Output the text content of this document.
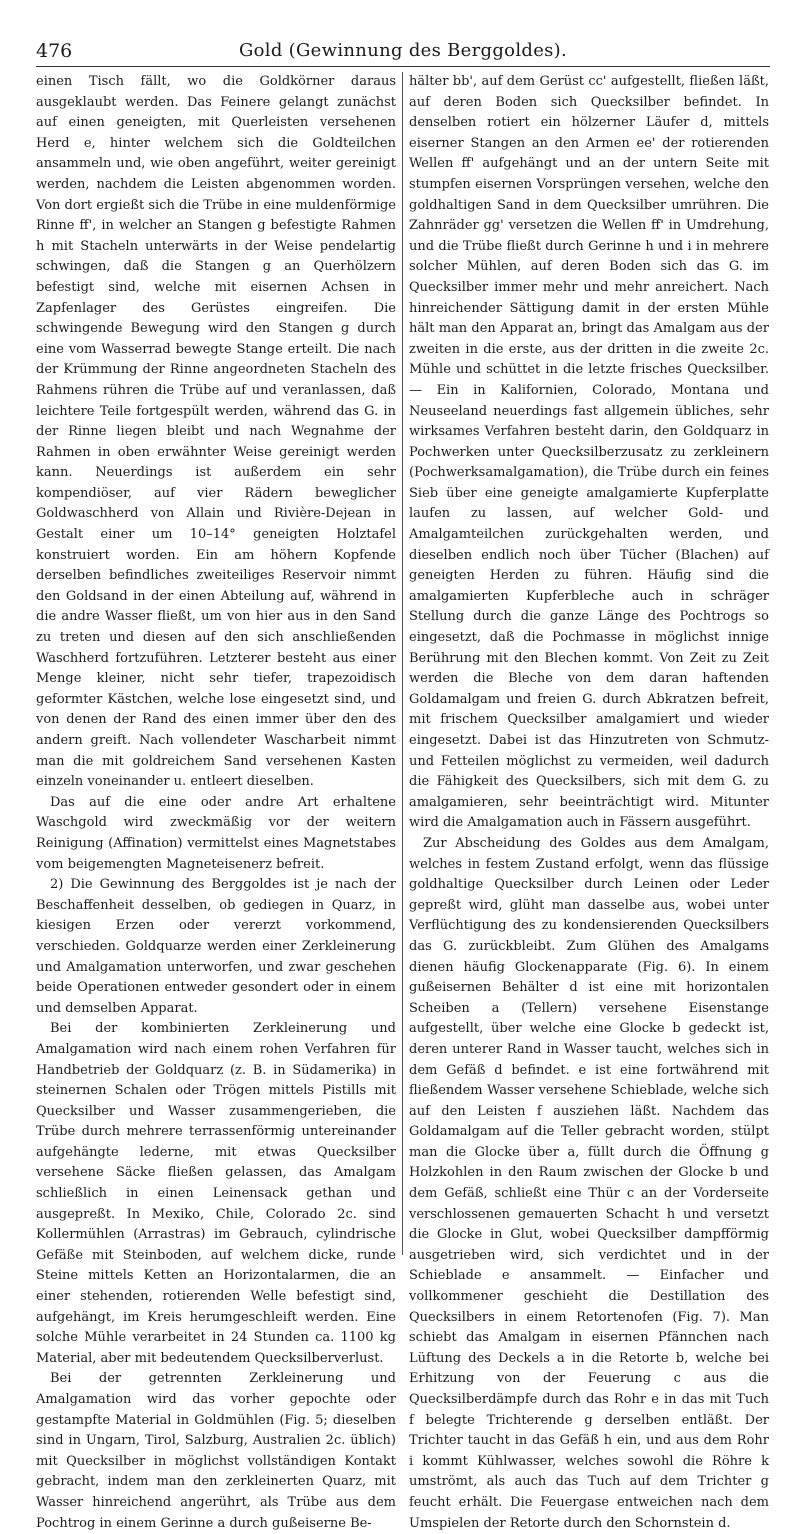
476	Gold (Gewinnung des Berggoldes).

einen Tisch fällt, wo die Goldkörner daraus ausgeklaubt werden. Das Feinere gelangt zunächst auf einen geneigten, mit Querleisten versehenen Herd e, hinter welchem sich die Goldteilchen ansammeln und, wie oben angeführt, weiter gereinigt werden, nachdem die Leisten abgenommen worden. Von dort ergießt sich die Trübe in eine muldenförmige Rinne ff', in welcher an Stangen g befestigte Rahmen h mit Stacheln unterwärts in der Weise pendelartig schwingen, daß die Stangen g an Querhölzern befestigt sind, welche mit eisernen Achsen in Zapfenlager des Gerüstes eingreifen. Die schwingende Bewegung wird den Stangen g durch eine vom Wasserrad bewegte Stange erteilt. Die nach der Krümmung der Rinne angeordneten Stacheln des Rahmens rühren die Trübe auf und veranlassen, daß leichtere Teile fortgespült werden, während das G. in der Rinne liegen bleibt und nach Wegnahme der Rahmen in oben erwähnter Weise gereinigt werden kann. Neuerdings ist außerdem ein sehr kompendiöser, auf vier Rädern beweglicher Goldwaschherd von Allain und Rivière-Dejean in Gestalt einer um 10–14° geneigten Holztafel konstruiert worden. Ein am höhern Kopfende derselben befindliches zweiteiliges Reservoir nimmt den Goldsand in der einen Abteilung auf, während in die andre Wasser fließt, um von hier aus in den Sand zu treten und diesen auf den sich anschließenden Waschherd fortzuführen. Letzterer besteht aus einer Menge kleiner, nicht sehr tiefer, trapezoidisch geformter Kästchen, welche lose eingesetzt sind, und von denen der Rand des einen immer über den des andern greift. Nach vollendeter Wascharbeit nimmt man die mit goldreichem Sand versehenen Kasten einzeln voneinander u. entleert dieselben.

Das auf die eine oder andre Art erhaltene Waschgold wird zweckmäßig vor der weitern Reinigung (Affination) vermittelst eines Magnetstabes vom beigemengten Magneteisenerz befreit.

2) Die Gewinnung des Berggoldes ist je nach der Beschaffenheit desselben, ob gediegen in Quarz, in kiesigen Erzen oder vererzt vorkommend, verschieden. Goldquarze werden einer Zerkleinerung und Amalgamation unterworfen, und zwar geschehen beide Operationen entweder gesondert oder in einem und demselben Apparat.

Bei der kombinierten Zerkleinerung und Amalgamation wird nach einem rohen Verfahren für Handbetrieb der Goldquarz (z. B. in Südamerika) in steinernen Schalen oder Trögen mittels Pistills mit Quecksilber und Wasser zusammengerieben, die Trübe durch mehrere terrassenförmig untereinander aufgehängte lederne, mit etwas Quecksilber versehene Säcke fließen gelassen, das Amalgam schließlich in einen Leinensack gethan und ausgepreßt. In Mexiko, Chile, Colorado 2c. sind Kollermühlen (Arrastras) im Gebrauch, cylindrische Gefäße mit Steinboden, auf welchem dicke, runde Steine mittels Ketten an Horizontalarmen, die an einer stehenden, rotierenden Welle befestigt sind, aufgehängt, im Kreis herumgeschleift werden. Eine solche Mühle verarbeitet in 24 Stunden ca. 1100 kg Material, aber mit bedeutendem Quecksilberverlust.

Bei der getrennten Zerkleinerung und Amalgamation wird das vorher gepochte oder gestampfte Material in Goldmühlen (Fig. 5; dieselben sind in Ungarn, Tirol, Salzburg, Australien 2c. üblich) mit Quecksilber in möglichst vollständigen Kontakt gebracht, indem man den zerkleinerten Quarz, mit Wasser hinreichend angerührt, als Trübe aus dem Pochtrog in einem Gerinne a durch gußeiserne Be-

hälter bb', auf dem Gerüst cc' aufgestellt, fließen läßt, auf deren Boden sich Quecksilber befindet. In denselben rotiert ein hölzerner Läufer d, mittels eiserner Stangen an den Armen ee' der rotierenden Wellen ff' aufgehängt und an der untern Seite mit stumpfen eisernen Vorsprüngen versehen, welche den goldhaltigen Sand in dem Quecksilber umrühren. Die Zahnräder gg' versetzen die Wellen ff' in Umdrehung, und die Trübe fließt durch Gerinne h und i in mehrere solcher Mühlen, auf deren Boden sich das G. im Quecksilber immer mehr und mehr anreichert. Nach hinreichender Sättigung damit in der ersten Mühle hält man den Apparat an, bringt das Amalgam aus der zweiten in die erste, aus der dritten in die zweite 2c. Mühle und schüttet in die letzte frisches Quecksilber. — Ein in Kalifornien, Colorado, Montana und Neuseeland neuerdings fast allgemein übliches, sehr wirksames Verfahren besteht darin, den Goldquarz in Pochwerken unter Quecksilberzusatz zu zerkleinern (Pochwerksamalgamation), die Trübe durch ein feines Sieb über eine geneigte amalgamierte Kupferplatte laufen zu lassen, auf welcher Gold- und Amalgamteilchen zurückgehalten werden, und dieselben endlich noch über Tücher (Blachen) auf geneigten Herden zu führen. Häufig sind die amalgamierten Kupferbleche auch in schräger Stellung durch die ganze Länge des Pochtrogs so eingesetzt, daß die Pochmasse in möglichst innige Berührung mit den Blechen kommt. Von Zeit zu Zeit werden die Bleche von dem daran haftenden Goldamalgam und freien G. durch Abkratzen befreit, mit frischem Quecksilber amalgamiert und wieder eingesetzt. Dabei ist das Hinzutreten von Schmutz- und Fetteilen möglichst zu vermeiden, weil dadurch die Fähigkeit des Quecksilbers, sich mit dem G. zu amalgamieren, sehr beeinträchtigt wird. Mitunter wird die Amalgamation auch in Fässern ausgeführt.

Zur Abscheidung des Goldes aus dem Amalgam, welches in festem Zustand erfolgt, wenn das flüssige goldhaltige Quecksilber durch Leinen oder Leder gepreßt wird, glüht man dasselbe aus, wobei unter Verflüchtigung des zu kondensierenden Quecksilbers das G. zurückbleibt. Zum Glühen des Amalgams dienen häufig Glockenapparate (Fig. 6). In einem gußeisernen Behälter d ist eine mit horizontalen Scheiben a (Tellern) versehene Eisenstange aufgestellt, über welche eine Glocke b gedeckt ist, deren unterer Rand in Wasser taucht, welches sich in dem Gefäß d befindet. e ist eine fortwährend mit fließendem Wasser versehene Schieblade, welche sich auf den Leisten f ausziehen läßt. Nachdem das Goldamalgam auf die Teller gebracht worden, stülpt man die Glocke über a, füllt durch die Öffnung g Holzkohlen in den Raum zwischen der Glocke b und dem Gefäß, schließt eine Thür c an der Vorderseite verschlossenen gemauerten Schacht h und versetzt die Glocke in Glut, wobei Quecksilber dampfförmig ausgetrieben wird, sich verdichtet und in der Schieblade e ansammelt. — Einfacher und vollkommener geschieht die Destillation des Quecksilbers in einem Retortenofen (Fig. 7). Man schiebt das Amalgam in eisernen Pfännchen nach Lüftung des Deckels a in die Retorte b, welche bei Erhitzung von der Feuerung c aus die Quecksilberdämpfe durch das Rohr e in das mit Tuch f belegte Trichterende g derselben entläßt. Der Trichter taucht in das Gefäß h ein, und aus dem Rohr i kommt Kühlwasser, welches sowohl die Röhre k umströmt, als auch das Tuch auf dem Trichter g feucht erhält. Die Feuergase entweichen nach dem Umspielen der Retorte durch den Schornstein d.
